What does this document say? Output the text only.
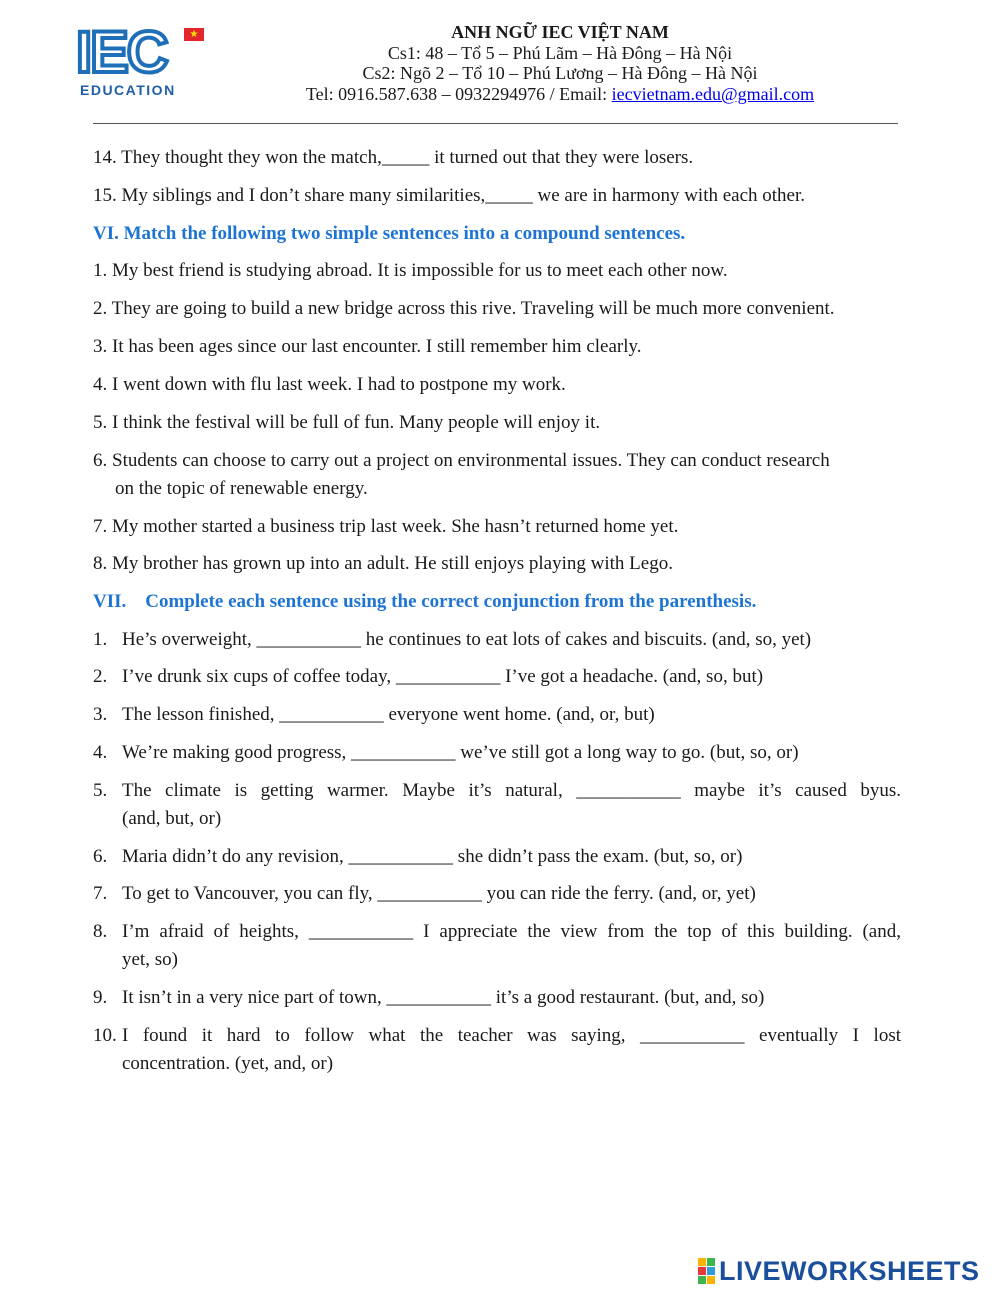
IEC
EDUCATION
★	ANH NGỮ IEC VIỆT NAM
Cs1: 48 – Tổ 5 – Phú Lãm – Hà Đông – Hà Nội
Cs2: Ngõ 2 – Tổ 10 – Phú Lương – Hà Đông – Hà Nội
Tel: 0916.587.638 – 0932294976 / Email: iecvietnam.edu@gmail.com
14. They thought they won the match,_____ it turned out that they were losers.
15. My siblings and I don’t share many similarities,_____ we are in harmony with each other.
VI. Match the following two simple sentences into a compound sentences.
1. My best friend is studying abroad. It is impossible for us to meet each other now.
2. They are going to build a new bridge across this rive. Traveling will be much more convenient.
3. It has been ages since our last encounter. I still remember him clearly.
4. I went down with flu last week. I had to postpone my work.
5. I think the festival will be full of fun. Many people will enjoy it.
6. Students can choose to carry out a project on environmental issues. They can conduct research
on the topic of renewable energy.
7. My mother started a business trip last week. She hasn’t returned home yet.
8. My brother has grown up into an adult. He still enjoys playing with Lego.
VII.    Complete each sentence using the correct conjunction from the parenthesis.
1. He’s overweight, ___________ he continues to eat lots of cakes and biscuits. (and, so, yet)
2. I’ve drunk six cups of coffee today, ___________ I’ve got a headache. (and, so, but)
3. The lesson finished, ___________ everyone went home. (and, or, but)
4. We’re making good progress, ___________ we’ve still got a long way to go. (but, so, or)
5. The climate is getting warmer. Maybe it’s natural, ___________ maybe it’s caused byus.
(and, but, or)
6. Maria didn’t do any revision, ___________ she didn’t pass the exam. (but, so, or)
7. To get to Vancouver, you can fly, ___________ you can ride the ferry. (and, or, yet)
8. I’m afraid of heights, ___________ I appreciate the view from the top of this building. (and,
yet, so)
9. It isn’t in a very nice part of town, ___________ it’s a good restaurant. (but, and, so)
10. I found it hard to follow what the teacher was saying, ___________ eventually I lost
concentration. (yet, and, or)
LIVEWORKSHEETS
